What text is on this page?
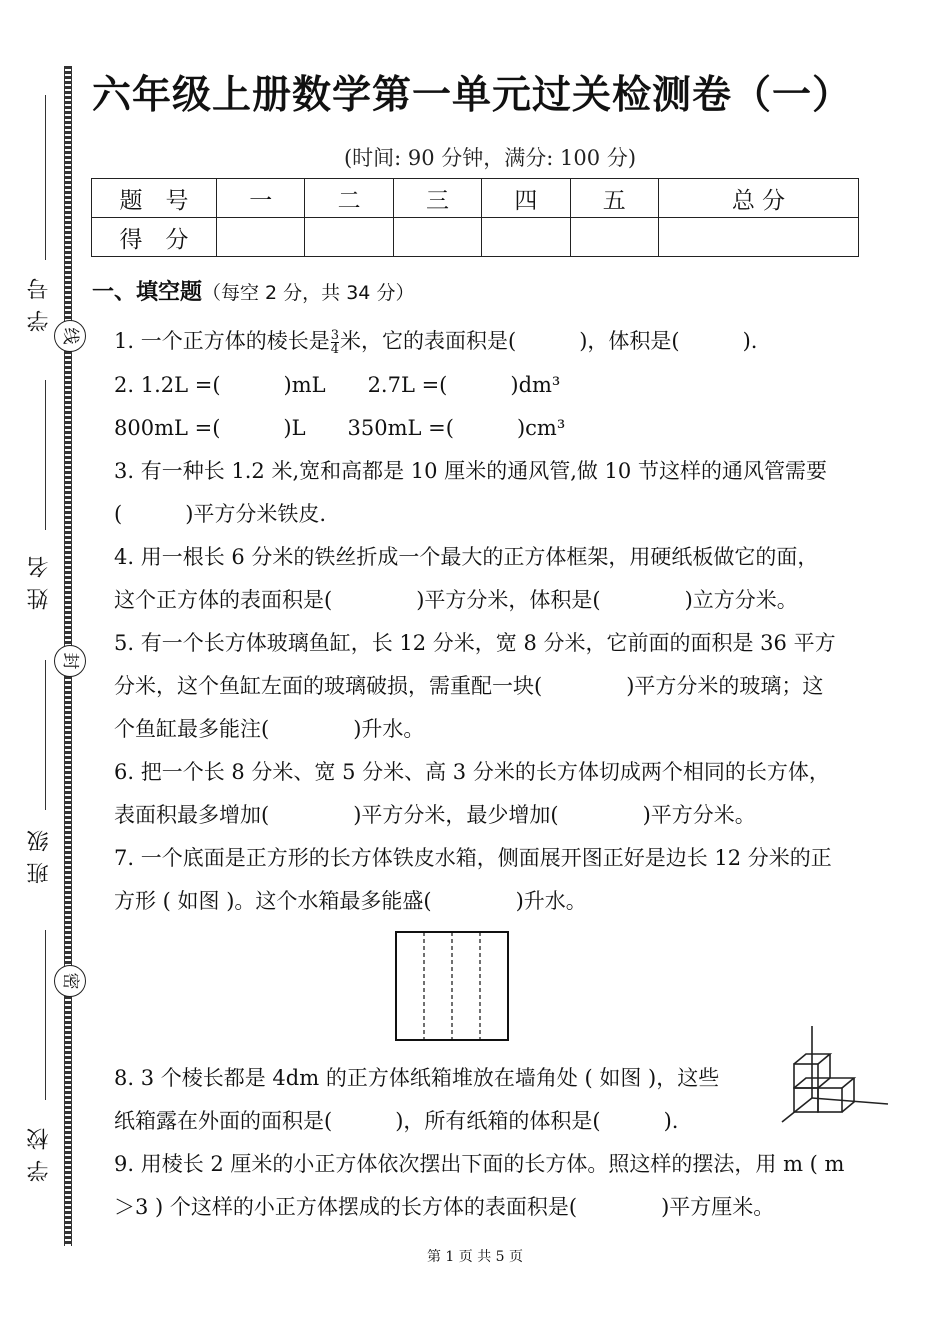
学号
姓名
班级
学校
线
封
密
六年级上册数学第一单元过关检测卷（一）
(时间: 90 分钟，满分: 100 分)
题　号	一	二	三	四	五	总 分
得　分						
一、填空题（每空 2 分，共 34 分）
1. 一个正方体的棱长是 $\frac{3}{4}$ 米，它的表面积是(　　　)，体积是(　　　).
2. 1.2L =(　　　)mL　　2.7L =(　　　)dm³
800mL =(　　　)L　　350mL =(　　　)cm³
3. 有一种长 1.2 米,宽和高都是 10 厘米的通风管,做 10 节这样的通风管需要
(　　　)平方分米铁皮.
4. 用一根长 6 分米的铁丝折成一个最大的正方体框架，用硬纸板做它的面，
这个正方体的表面积是(　　　　)平方分米，体积是(　　　　)立方分米。
5. 有一个长方体玻璃鱼缸，长 12 分米，宽 8 分米，它前面的面积是 36 平方
分米，这个鱼缸左面的玻璃破损，需重配一块(　　　　)平方分米的玻璃；这
个鱼缸最多能注(　　　　)升水。
6. 把一个长 8 分米、宽 5 分米、高 3 分米的长方体切成两个相同的长方体，
表面积最多增加(　　　　)平方分米，最少增加(　　　　)平方分米。
7. 一个底面是正方形的长方体铁皮水箱，侧面展开图正好是边长 12 分米的正
方形 ( 如图 )。这个水箱最多能盛(　　　　)升水。
8. 3 个棱长都是 4dm 的正方体纸箱堆放在墙角处 ( 如图 )，这些
纸箱露在外面的面积是(　　　)，所有纸箱的体积是(　　　).
9. 用棱长 2 厘米的小正方体依次摆出下面的长方体。照这样的摆法，用 m ( m
＞3 ) 个这样的小正方体摆成的长方体的表面积是(　　　　)平方厘米。
第 1 页 共 5 页
